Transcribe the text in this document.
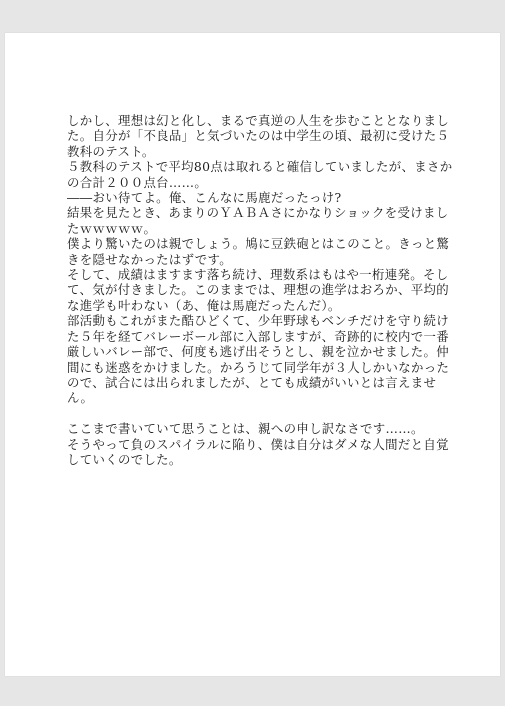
しかし、理想は幻と化し、まるで真逆の人生を歩むこととなりまし
た。自分が「不良品」と気づいたのは中学生の頃、最初に受けた５
教科のテスト。
５教科のテストで平均80点は取れると確信していましたが、まさか
の合計２００点台……。
――おい待てよ。俺、こんなに馬鹿だったっけ?
結果を見たとき、あまりのＹＡＢＡさにかなりショックを受けまし
たｗｗｗｗｗ。
僕より驚いたのは親でしょう。鳩に豆鉄砲とはこのこと。きっと驚
きを隠せなかったはずです。
そして、成績はますます落ち続け、理数系はもはや一桁連発。そし
て、気が付きました。このままでは、理想の進学はおろか、平均的
な進学も叶わない（あ、俺は馬鹿だったんだ）。
部活動もこれがまた酷ひどくて、少年野球もベンチだけを守り続け
た５年を経てバレーボール部に入部しますが、奇跡的に校内で一番
厳しいバレー部で、何度も逃げ出そうとし、親を泣かせました。仲
間にも迷惑をかけました。かろうじて同学年が３人しかいなかった
ので、試合には出られましたが、とても成績がいいとは言えませ
ん。
ここまで書いていて思うことは、親への申し訳なさです……。
そうやって負のスパイラルに陥り、僕は自分はダメな人間だと自覚
していくのでした。
